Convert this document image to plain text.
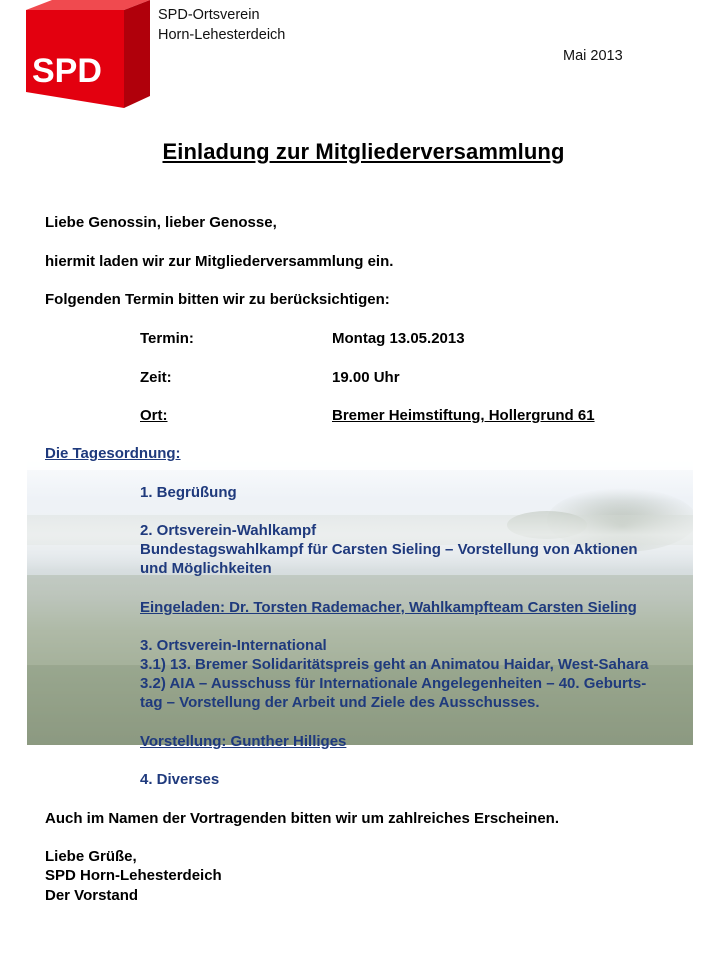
SPD
SPD-Ortsverein
Horn-Lehesterdeich
Mai 2013
Einladung zur Mitgliederversammlung
Liebe Genossin, lieber Genosse,
hiermit laden wir zur Mitgliederversammlung ein.
Folgenden Termin bitten wir zu berücksichtigen:
Termin:	Montag 13.05.2013
Zeit:	19.00 Uhr
Ort:	Bremer Heimstiftung, Hollergrund 61
Die Tagesordnung:
1. Begrüßung
2. Ortsverein-Wahlkampf
Bundestagswahlkampf für Carsten Sieling – Vorstellung von Aktionen
und Möglichkeiten
Eingeladen: Dr. Torsten Rademacher, Wahlkampfteam Carsten Sieling
3. Ortsverein-International
3.1) 13. Bremer Solidaritätspreis geht an Animatou Haidar, West-Sahara
3.2) AIA – Ausschuss für Internationale Angelegenheiten – 40. Geburts-
tag – Vorstellung der Arbeit und Ziele des Ausschusses.
Vorstellung: Gunther Hilliges
4. Diverses
Auch im Namen der Vortragenden bitten wir um zahlreiches Erscheinen.
Liebe Grüße,
SPD Horn-Lehesterdeich
Der Vorstand
